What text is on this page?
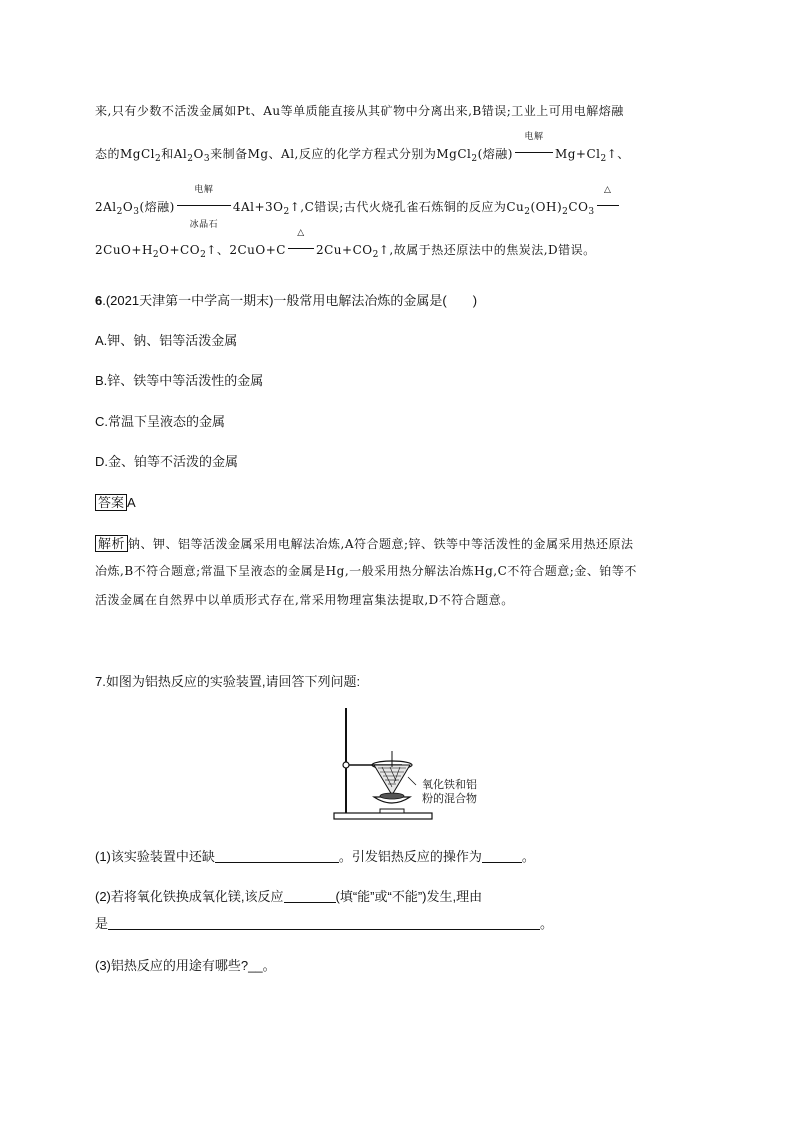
来,只有少数不活泼金属如Pt、Au等单质能直接从其矿物中分离出来,B错误;工业上可用电解熔融
态的MgCl$_2$和$Al_2O_3$来制备Mg、Al,反应的化学方程式分别为MgCl$_2$(熔融)
电解
$Mg+Cl_2↑$、
$2Al_2O_3$(熔融)
电解
冰晶石
$4Al+3O_2↑,C$错误;古代火烧孔雀石炼铜的反应为$Cu_2(OH)_2CO_3$
△
$2CuO+H_2O+CO_2↑$、2CuO+C
△
$2Cu+CO_2↑$,故属于热还原法中的焦炭法,D错误。
6.(2021天津第一中学高一期末)一般常用电解法冶炼的金属是(　　)
A.钾、钠、铝等活泼金属
B.锌、铁等中等活泼性的金属
C.常温下呈液态的金属
D.金、铂等不活泼的金属
答案 A
解析 钠、钾、铝等活泼金属采用电解法冶炼,A符合题意;锌、铁等中等活泼性的金属采用热还原法
冶炼,B不符合题意;常温下呈液态的金属是Hg,一般采用热分解法冶炼Hg,C不符合题意;金、铂等不
活泼金属在自然界中以单质形式存在,常采用物理富集法提取,D不符合题意。
7.如图为铝热反应的实验装置,请回答下列问题:
氧化铁和铝
粉的混合物
(1)该实验装置中还缺	。引发铝热反应的操作为	。
(2)若将氧化铁换成氧化镁,该反应	(填“能”或“不能”)发生,理由
是	。
(3)铝热反应的用途有哪些?__。
